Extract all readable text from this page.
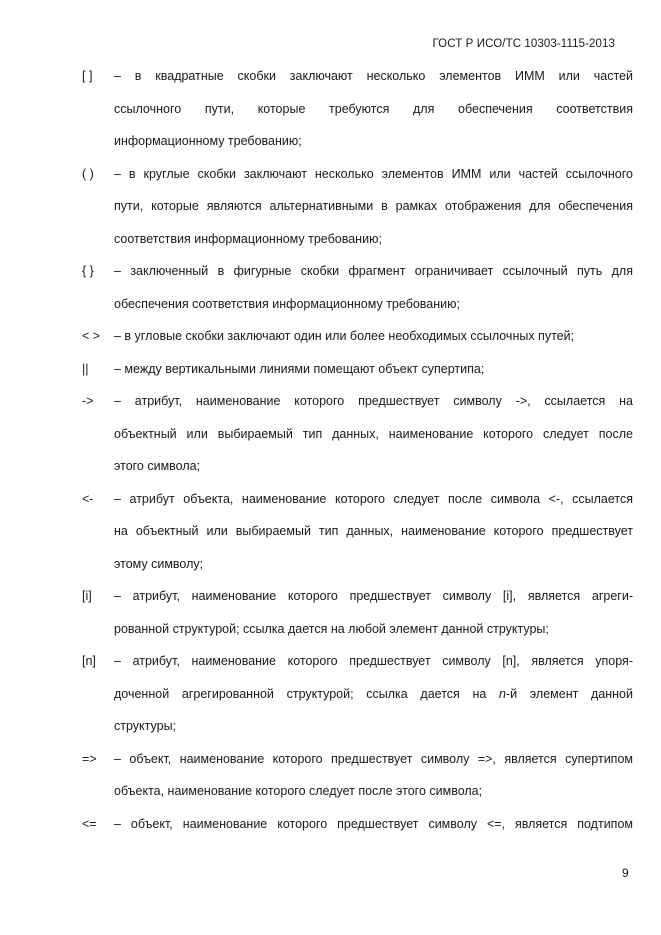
ГОСТ Р ИСО/ТС 10303-1115-2013
[ ]	– в квадратные скобки заключают несколько элементов ИММ или частей
ссылочного пути, которые требуются для обеспечения соответствия
информационному требованию;
( )	– в круглые скобки заключают несколько элементов ИММ или частей ссылочного
пути, которые являются альтернативными в рамках отображения для обеспечения
соответствия информационному требованию;
{ }	– заключенный в фигурные скобки фрагмент ограничивает ссылочный путь для
обеспечения соответствия информационному требованию;
< >	– в угловые скобки заключают один или более необходимых ссылочных путей;
||	– между вертикальными линиями помещают объект супертипа;
->	– атрибут, наименование которого предшествует символу ->, ссылается на
объектный или выбираемый тип данных, наименование которого следует после
этого символа;
<-	– атрибут объекта, наименование которого следует после символа <-, ссылается
на объектный или выбираемый тип данных, наименование которого предшествует
этому символу;
[i]	– атрибут, наименование которого предшествует символу [i], является агреги-
рованной структурой; ссылка дается на любой элемент данной структуры;
[n]	– атрибут, наименование которого предшествует символу [n], является упоря-
доченной агрегированной структурой; ссылка дается на n-й элемент данной
структуры;
=>	– объект, наименование которого предшествует символу =>, является супертипом
объекта, наименование которого следует после этого символа;
<=	– объект, наименование которого предшествует символу <=, является подтипом
9
